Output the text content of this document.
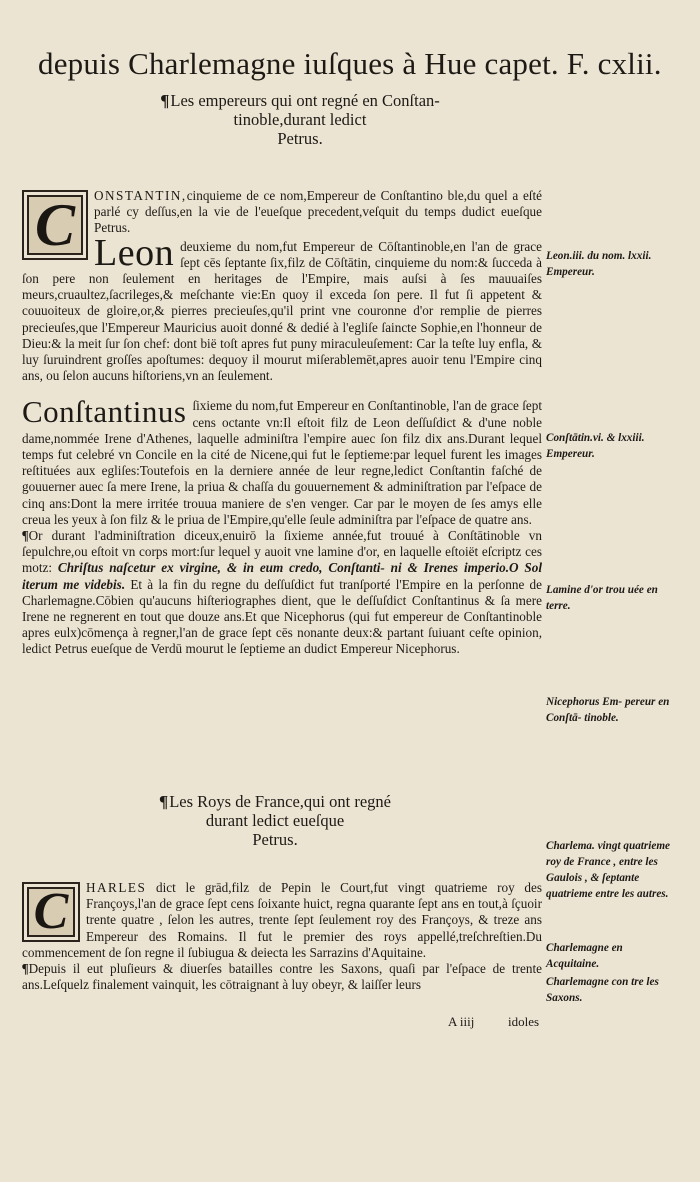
depuis Charlemagne iuſques à Hue capet. F. cxlii.
¶Les empereurs qui ont regné en Conſtan-
tinoble,durant ledict
Petrus.

C	ONSTANTIN,cinquieme de ce nom,Empereur de Conſtantino ble,du quel a eſté parlé cy deſſus,en la vie de l'eueſque precedent,veſquit du temps dudict eueſque Petrus.

Leon deuxieme du nom,fut Empereur de Cōſtantinoble,en l'an de grace ſept cēs ſeptante ſix,filz de Cōſtātin, cinquieme du nom:& ſucceda à ſon pere non ſeulement en heritages de l'Empire, mais auſsi à ſes mauuaiſes meurs,cruaultez,ſacrileges,& meſchante vie:En quoy il exceda ſon pere. Il fut ſi appetent & couuoiteux de gloire,or,& pierres precieuſes,qu'il print vne couronne d'or remplie de pierres precieuſes,que l'Empereur Mauricius auoit donné & dedié à l'egliſe ſaincte Sophie,en l'honneur de Dieu:& la meit ſur ſon chef: dont bië toſt apres fut puny miraculeuſement: Car la teſte luy enfla, & luy ſuruindrent groſſes apoſtumes: dequoy il mourut miſerablemēt,apres auoir tenu l'Empire cinq ans, ou ſelon aucuns hiſtoriens,vn an ſeulement.

Conſtantinus ſixieme du nom,fut Empereur en Conſtantinoble, l'an de grace ſept cens octante vn:Il eſtoit filz de Leon deſſuſdict & d'une noble dame,nommée Irene d'Athenes, laquelle adminiſtra l'empire auec ſon filz dix ans.Durant lequel temps fut celebré vn Concile en la cité de Nicene,qui fut le ſeptieme:par lequel furent les images reſtituées aux egliſes:Toutefois en la derniere année de leur regne,ledict Conſtantin faſché de gouuerner auec ſa mere Irene, la priua & chaſſa du gouuernement & adminiſtration par l'eſpace de cinq ans:Dont la mere irritée trouua maniere de s'en venger. Car par le moyen de ſes amys elle creua les yeux à ſon filz & le priua de l'Empire,qu'elle ſeule adminiſtra par l'eſpace de quatre ans.

¶Or durant l'adminiſtration diceux,enuirō la ſixieme année,fut trouué à Conſtātinoble vn ſepulchre,ou eſtoit vn corps mort:ſur lequel y auoit vne lamine d'or, en laquelle eſtoiët eſcriptz ces motz: Chriſtus naſcetur ex virgine, & in eum credo, Conſtanti- ni & Irenes imperio.O Sol iterum me videbis. Et à la fin du regne du deſſuſdict fut tranſporté l'Empire en la perſonne de Charlemagne.Cōbien qu'aucuns hiſteriographes dient, que le deſſuſdict Conſtantinus & ſa mere Irene ne regnerent en tout que douze ans.Et que Nicephorus (qui fut empereur de Conſtantinoble apres eulx)cōmença à regner,l'an de grace ſept cēs nonante deux:& partant ſuiuant ceſte opinion, ledict Petrus eueſque de Verdū mourut le ſeptieme an dudict Empereur Nicephorus.

Leon.iii. du nom. lxxii. Empereur.
Conſtātin.vi. & lxxiii. Empereur.
Lamine d'or trou uée en terre.
Nicephorus Em- pereur en Conſtā- tinoble.
¶Les Roys de France,qui ont regné
durant ledict eueſque
Petrus.

C	HARLES dict le grād,filz de Pepin le Court,fut vingt quatrieme roy des Françoys,l'an de grace ſept cens ſoixante huict, regna quarante ſept ans en tout,à ſçuoir trente quatre , ſelon les autres, trente ſept ſeulement roy des Françoys, & treze ans Empereur des Romains. Il fut le premier des roys appellé,treſchreſtien.Du commencement de ſon regne il ſubiugua & deiecta les Sarrazins d'Aquitaine.

¶Depuis il eut pluſieurs & diuerſes batailles contre les Saxons, quaſi par l'eſpace de trente ans.Leſquelz finalement vainquit, les cōtraignant à luy obeyr, & laiſſer leurs

Charlema. vingt quatrieme roy de France , entre les Gaulois , & ſeptante quatrieme entre les autres.
Charlemagne en Acquitaine.
Charlemagne con tre les Saxons.
A iiij	idoles
